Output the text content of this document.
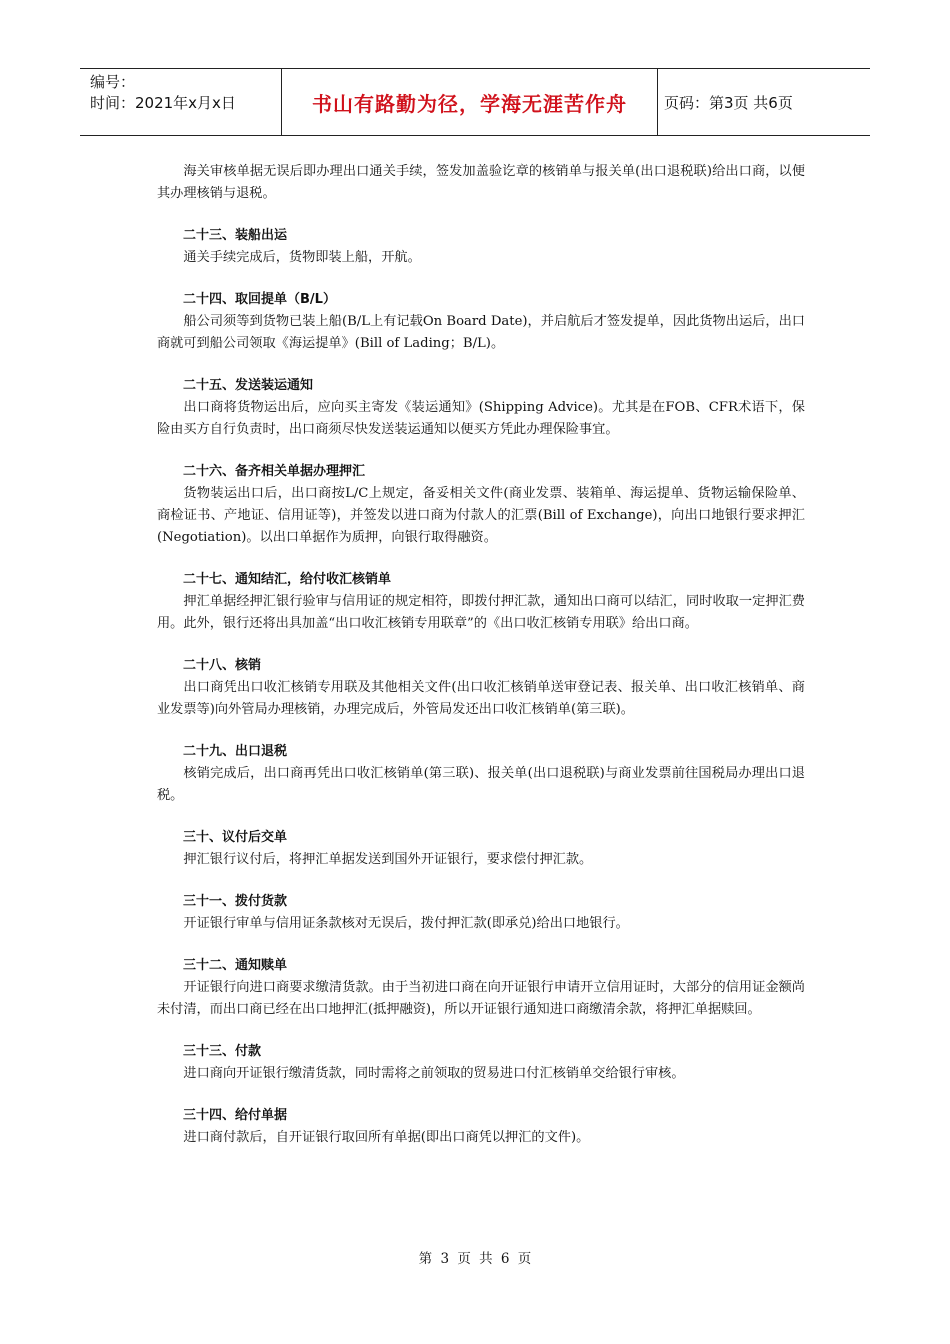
编号：
时间：2021年x月x日	书山有路勤为径，学海无涯苦作舟	页码：第3页 共6页

海关审核单据无误后即办理出口通关手续，签发加盖验讫章的核销单与报关单(出口退税联)给出口商，以便其办理核销与退税。

二十三、装船出运

通关手续完成后，货物即装上船，开航。

二十四、取回提单（B/L）

船公司须等到货物已装上船(B/L上有记载On Board Date)，并启航后才签发提单，因此货物出运后，出口商就可到船公司领取《海运提单》(Bill of Lading；B/L)。

二十五、发送装运通知

出口商将货物运出后，应向买主寄发《装运通知》(Shipping Advice)。尤其是在FOB、CFR术语下，保险由买方自行负责时，出口商须尽快发送装运通知以便买方凭此办理保险事宜。

二十六、备齐相关单据办理押汇

货物装运出口后，出口商按L/C上规定，备妥相关文件(商业发票、装箱单、海运提单、货物运输保险单、商检证书、产地证、信用证等)，并签发以进口商为付款人的汇票(Bill of Exchange)，向出口地银行要求押汇(Negotiation)。以出口单据作为质押，向银行取得融资。

二十七、通知结汇，给付收汇核销单

押汇单据经押汇银行验审与信用证的规定相符，即拨付押汇款，通知出口商可以结汇，同时收取一定押汇费用。此外，银行还将出具加盖“出口收汇核销专用联章”的《出口收汇核销专用联》给出口商。

二十八、核销

出口商凭出口收汇核销专用联及其他相关文件(出口收汇核销单送审登记表、报关单、出口收汇核销单、商业发票等)向外管局办理核销，办理完成后，外管局发还出口收汇核销单(第三联)。

二十九、出口退税

核销完成后，出口商再凭出口收汇核销单(第三联)、报关单(出口退税联)与商业发票前往国税局办理出口退税。

三十、议付后交单

押汇银行议付后，将押汇单据发送到国外开证银行，要求偿付押汇款。

三十一、拨付货款

开证银行审单与信用证条款核对无误后，拨付押汇款(即承兑)给出口地银行。

三十二、通知赎单

开证银行向进口商要求缴清货款。由于当初进口商在向开证银行申请开立信用证时，大部分的信用证金额尚未付清，而出口商已经在出口地押汇(抵押融资)，所以开证银行通知进口商缴清余款，将押汇单据赎回。

三十三、付款

进口商向开证银行缴清货款，同时需将之前领取的贸易进口付汇核销单交给银行审核。

三十四、给付单据

进口商付款后，自开证银行取回所有单据(即出口商凭以押汇的文件)。

第 3 页 共 6 页
